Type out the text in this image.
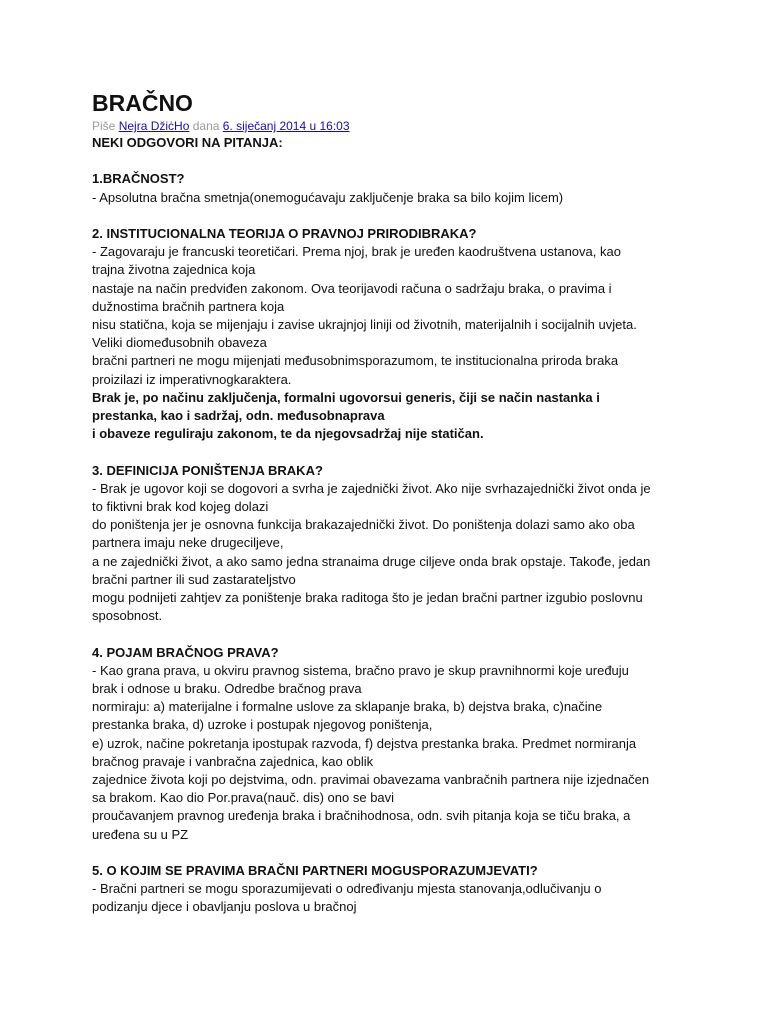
BRAČNO
Piše Nejra DžiċHo dana 6. siječanj 2014 u 16:03
NEKI ODGOVORI NA PITANJA:
1.BRAČNOST?
- Apsolutna bračna smetnja(onemogućavaju zaključenje braka sa bilo kojim licem)
2. INSTITUCIONALNA TEORIJA O PRAVNOJ PRIRODIBRAKA?
- Zagovaraju je francuski teoretičari. Prema njoj, brak je uređen kaodruštvena ustanova, kao
trajna životna zajednica koja
nastaje na način predviđen zakonom. Ova teorijavodi računa o sadržaju braka, o pravima i
dužnostima bračnih partnera koja
nisu statična, koja se mijenjaju i zavise ukrajnjoj liniji od životnih, materijalnih i socijalnih uvjeta.
Veliki diomeđusobnih obaveza
bračni partneri ne mogu mijenjati međusobnimsporazumom, te institucionalna priroda braka
proizilazi iz imperativnogkaraktera.
Brak je, po načinu zaključenja, formalni ugovorsui generis, čiji se način nastanka i
prestanka, kao i sadržaj, odn. međusobnaprava
i obaveze reguliraju zakonom, te da njegovsadržaj nije statičan.
3. DEFINICIJA PONIŠTENJA BRAKA?
- Brak je ugovor koji se dogovori a svrha je zajednički život. Ako nije svrhazajednički život onda je
to fiktivni brak kod kojeg dolazi
do poništenja jer je osnovna funkcija brakazajednički život. Do poništenja dolazi samo ako oba
partnera imaju neke drugeciljeve,
a ne zajednički život, a ako samo jedna stranaima druge ciljeve onda brak opstaje. Takođe, jedan
bračni partner ili sud zastarateljstvo
mogu podnijeti zahtjev za poništenje braka raditoga što je jedan bračni partner izgubio poslovnu
sposobnost.
4. POJAM BRAČNOG PRAVA?
- Kao grana prava, u okviru pravnog sistema, bračno pravo je skup pravnihnormi koje uređuju
brak i odnose u braku. Odredbe bračnog prava
normiraju: a) materijalne i formalne uslove za sklapanje braka, b) dejstva braka, c)načine
prestanka braka, d) uzroke i postupak njegovog poništenja,
e) uzrok, načine pokretanja ipostupak razvoda, f) dejstva prestanka braka. Predmet normiranja
bračnog pravaje i vanbračna zajednica, kao oblik
zajednice života koji po dejstvima, odn. pravimai obavezama vanbračnih partnera nije izjednačen
sa brakom. Kao dio Por.prava(nauč. dis) ono se bavi
proučavanjem pravnog uređenja braka i bračnihodnosa, odn. svih pitanja koja se tiču braka, a
uređena su u PZ
5. O KOJIM SE PRAVIMA BRAČNI PARTNERI MOGUSPORAZUMJEVATI?
- Bračni partneri se mogu sporazumijevati o određivanju mjesta stanovanja,odlučivanju o
podizanju djece i obavljanju poslova u bračnoj
